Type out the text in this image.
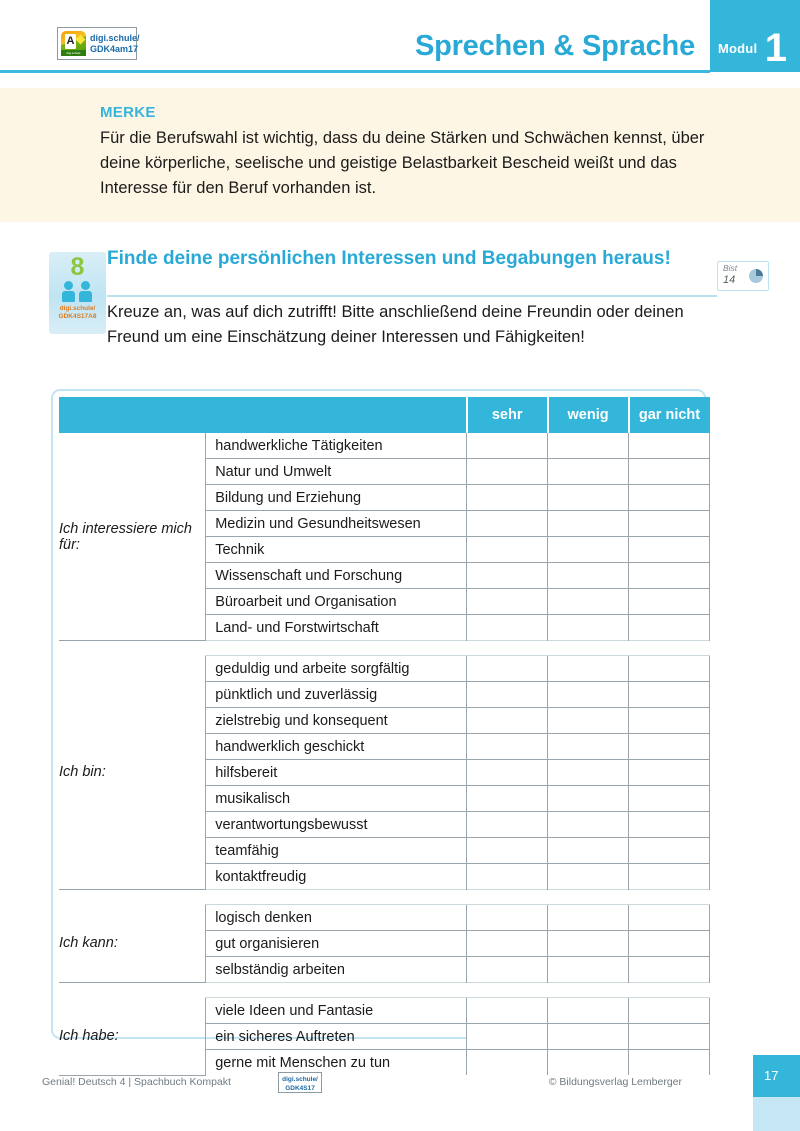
A
digi.schule
digi.schule/
GDK4am17	Sprechen & Sprache Modul 1
MERKE
Für die Berufswahl ist wichtig, dass du deine Stärken und Schwächen kennst, über deine körperliche, seelische und geistige Belastbarkeit Bescheid weißt und das Interesse für den Beruf vorhanden ist.
8
digi.schule/
GDK4S17A8
Finde deine persönlichen Interessen und Begabungen heraus!
Kreuze an, was auf dich zutrifft! Bitte anschließend deine Freundin oder deinen Freund um eine Einschätzung deiner Interessen und Fähigkeiten!
Bist
14
		sehr	wenig	gar nicht
Ich interessiere mich für:	handwerkliche Tätigkeiten			
	Natur und Umwelt			
	Bildung und Erziehung			
	Medizin und Gesundheitswesen			
	Technik			
	Wissenschaft und Forschung			
	Büroarbeit und Organisation			
	Land- und Forstwirtschaft			

Ich bin:	geduldig und arbeite sorgfältig			
	pünktlich und zuverlässig			
	zielstrebig und konsequent			
	handwerklich geschickt			
	hilfsbereit			
	musikalisch			
	verantwortungsbewusst			
	teamfähig			
	kontaktfreudig			

Ich kann:	logisch denken			
	gut organisieren			
	selbständig arbeiten			

Ich habe:	viele Ideen und Fantasie			
	ein sicheres Auftreten			
	gerne mit Menschen zu tun			
Genial! Deutsch 4 | Spachbuch Kompakt	digi.schule/
GDK4S17
© Bildungsverlag Lemberger	17
